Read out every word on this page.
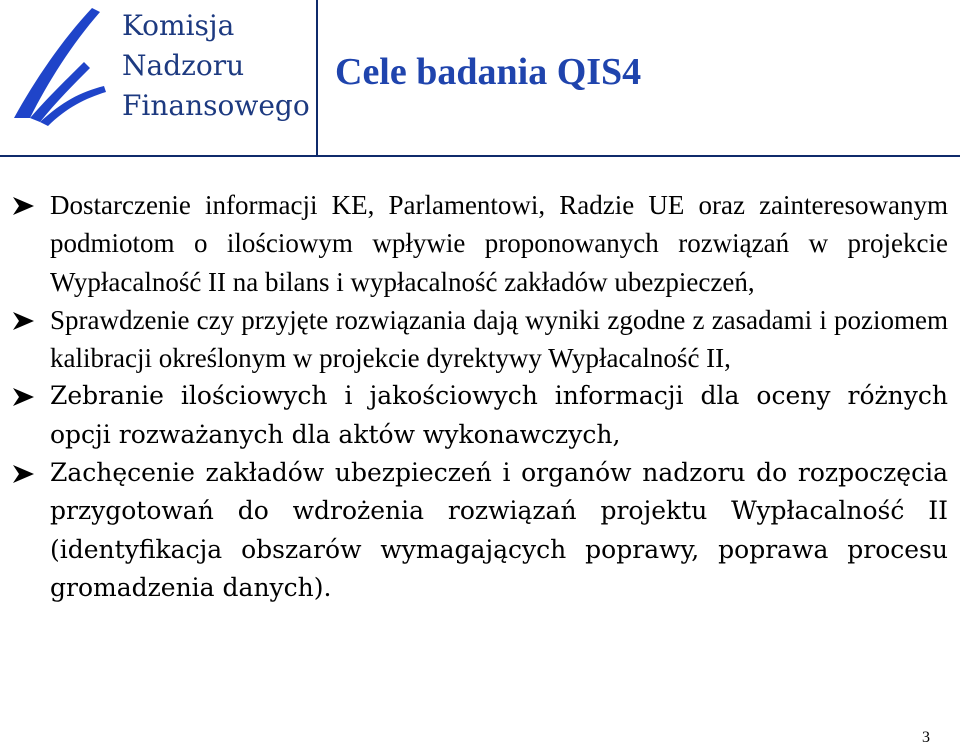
Komisja
Nadzoru
Finansowego
Cele badania QIS4
Dostarczenie informacji KE, Parlamentowi, Radzie UE oraz zainteresowanym podmiotom o ilościowym wpływie proponowanych rozwiązań w projekcie Wypłacalność II na bilans i wypłacalność zakładów ubezpieczeń,
Sprawdzenie czy przyjęte rozwiązania dają wyniki zgodne z zasadami i poziomem kalibracji określonym w projekcie dyrektywy Wypłacalność II,
Zebranie ilościowych i jakościowych informacji dla oceny różnych opcji rozważanych dla aktów wykonawczych,
Zachęcenie zakładów ubezpieczeń i organów nadzoru do rozpoczęcia przygotowań do wdrożenia rozwiązań projektu Wypłacalność II (identyfikacja obszarów wymagających poprawy, poprawa procesu gromadzenia danych).
3
